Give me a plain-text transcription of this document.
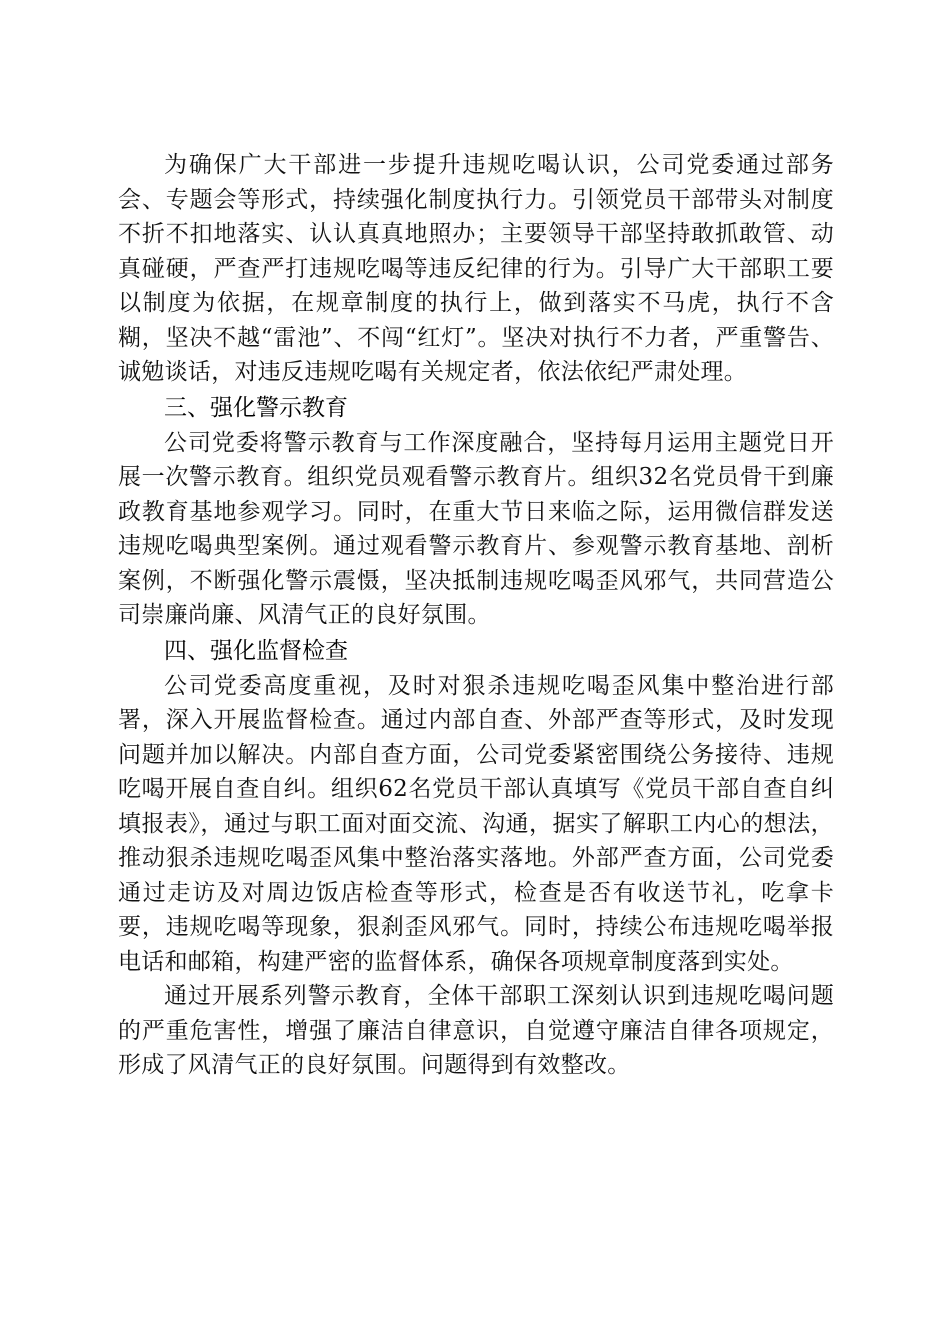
为确保广大干部进一步提升违规吃喝认识，公司党委通过部务会、专题会等形式，持续强化制度执行力。引领党员干部带头对制度不折不扣地落实、认认真真地照办；主要领导干部坚持敢抓敢管、动真碰硬，严查严打违规吃喝等违反纪律的行为。引导广大干部职工要以制度为依据，在规章制度的执行上，做到落实不马虎，执行不含糊，坚决不越“雷池”、不闯“红灯”。坚决对执行不力者，严重警告、诚勉谈话，对违反违规吃喝有关规定者，依法依纪严肃处理。

三、强化警示教育

公司党委将警示教育与工作深度融合，坚持每月运用主题党日开展一次警示教育。组织党员观看警示教育片。组织32名党员骨干到廉政教育基地参观学习。同时，在重大节日来临之际，运用微信群发送违规吃喝典型案例。通过观看警示教育片、参观警示教育基地、剖析案例，不断强化警示震慑，坚决抵制违规吃喝歪风邪气，共同营造公司崇廉尚廉、风清气正的良好氛围。

四、强化监督检查

公司党委高度重视，及时对狠杀违规吃喝歪风集中整治进行部署，深入开展监督检查。通过内部自查、外部严查等形式，及时发现问题并加以解决。内部自查方面，公司党委紧密围绕公务接待、违规吃喝开展自查自纠。组织62名党员干部认真填写《党员干部自查自纠填报表》，通过与职工面对面交流、沟通，据实了解职工内心的想法，推动狠杀违规吃喝歪风集中整治落实落地。外部严查方面，公司党委通过走访及对周边饭店检查等形式，检查是否有收送节礼，吃拿卡要，违规吃喝等现象，狠刹歪风邪气。同时，持续公布违规吃喝举报电话和邮箱，构建严密的监督体系，确保各项规章制度落到实处。

通过开展系列警示教育，全体干部职工深刻认识到违规吃喝问题的严重危害性，增强了廉洁自律意识，自觉遵守廉洁自律各项规定，形成了风清气正的良好氛围。问题得到有效整改。
